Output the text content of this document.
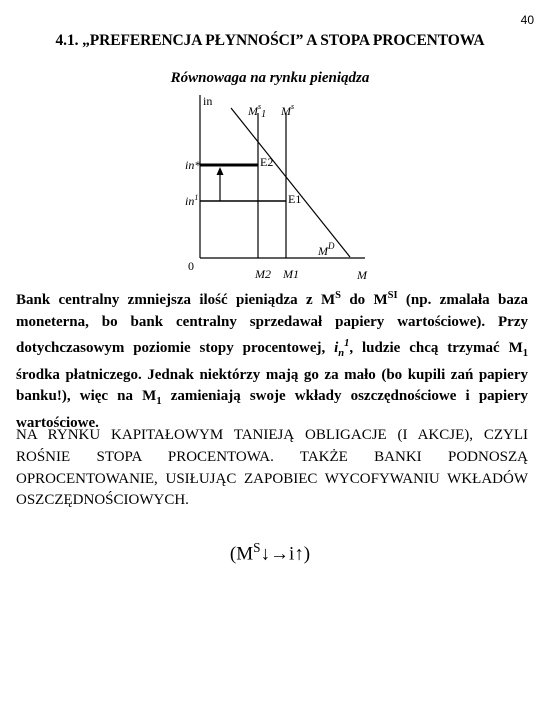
40
4.1. „PREFERENCJA PŁYNNOŚCI” A STOPA PROCENTOWA
Równowaga na rynku pieniądza
in
0
M
$M^s_1$ $M^s$
M2 M1
$M^D$
E2
E1
in*
$in^1$

Bank centralny zmniejsza ilość pieniądza z $M^S$ do $M^{SI}$ (np. zmalała baza moneterna, bo bank centralny sprzedawał papiery wartościowe). Przy dotychczasowym poziomie stopy procentowej, $i_n^1$, ludzie chcą trzymać $M_1$ środka płatniczego. Jednak niektórzy mają go za mało (bo kupili zań papiery banku!), więc na $M_1$ zamieniają swoje wkłady oszczędnościowe i papiery wartościowe.

NA RYNKU KAPITAŁOWYM TANIEJĄ OBLIGACJE (I AKCJE), CZYLI ROŚNIE STOPA PROCENTOWA. TAKŻE BANKI PODNOSZĄ OPROCENTOWANIE, USIŁUJĄC ZAPOBIEC WYCOFYWANIU WKŁADÓW
OSZCZĘDNOŚCIOWYCH.

$(M^S↓\to i↑)$
